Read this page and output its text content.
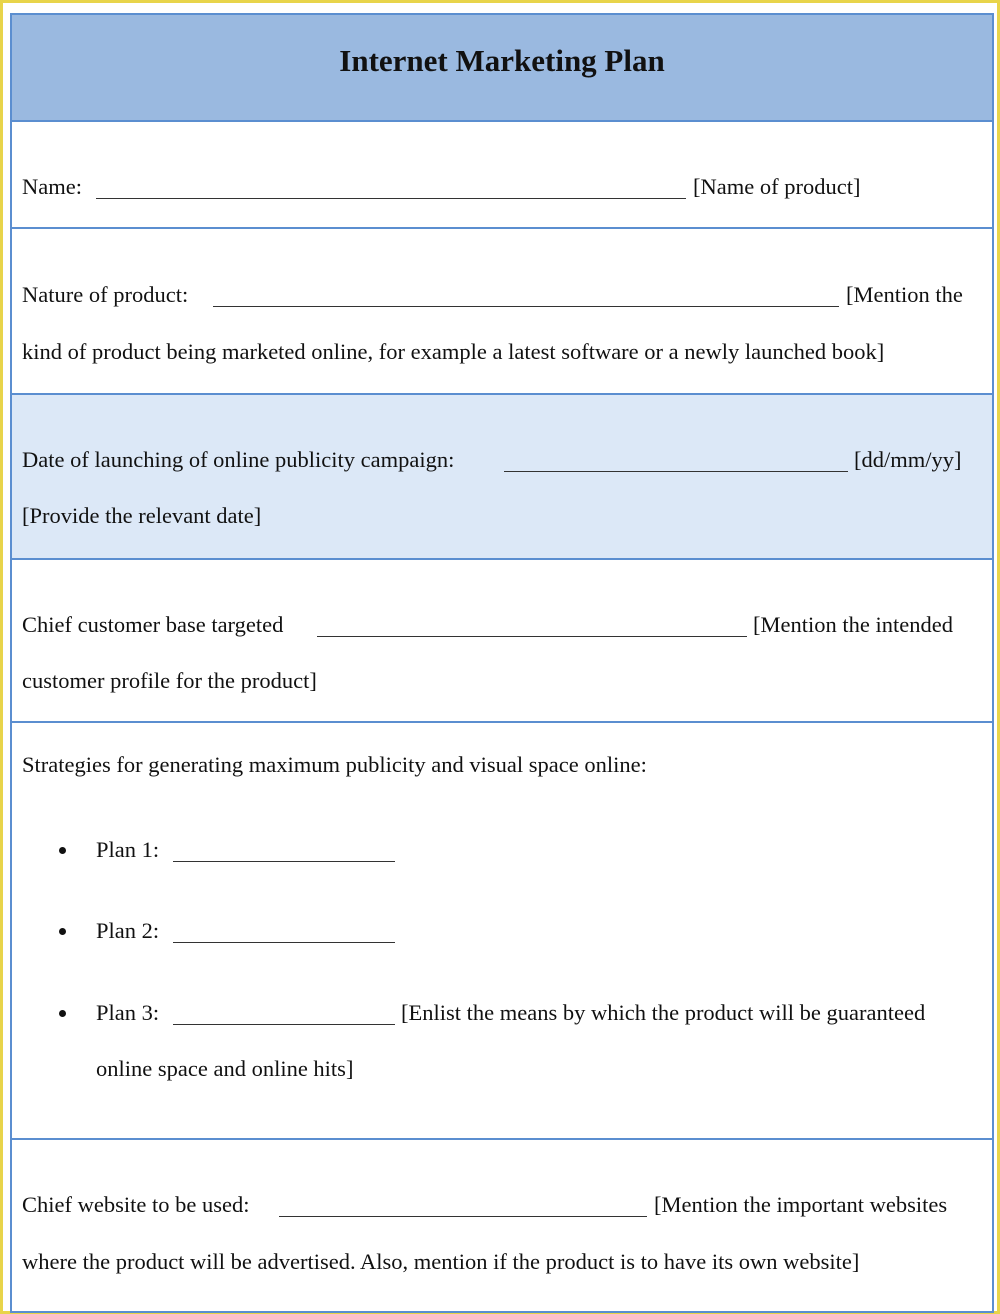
Internet Marketing Plan
Name:	[Name of product]
Nature of product:	[Mention the
kind of product being marketed online, for example a latest software or a newly launched book]
Date of launching of online publicity campaign:	[dd/mm/yy]
[Provide the relevant date]
Chief customer base targeted	[Mention the intended
customer profile for the product]
Strategies for generating maximum publicity and visual space online:
Plan 1:
Plan 2:
Plan 3:	[Enlist the means by which the product will be guaranteed
online space and online hits]
Chief website to be used:	[Mention the important websites
where the product will be advertised. Also, mention if the product is to have its own website]
